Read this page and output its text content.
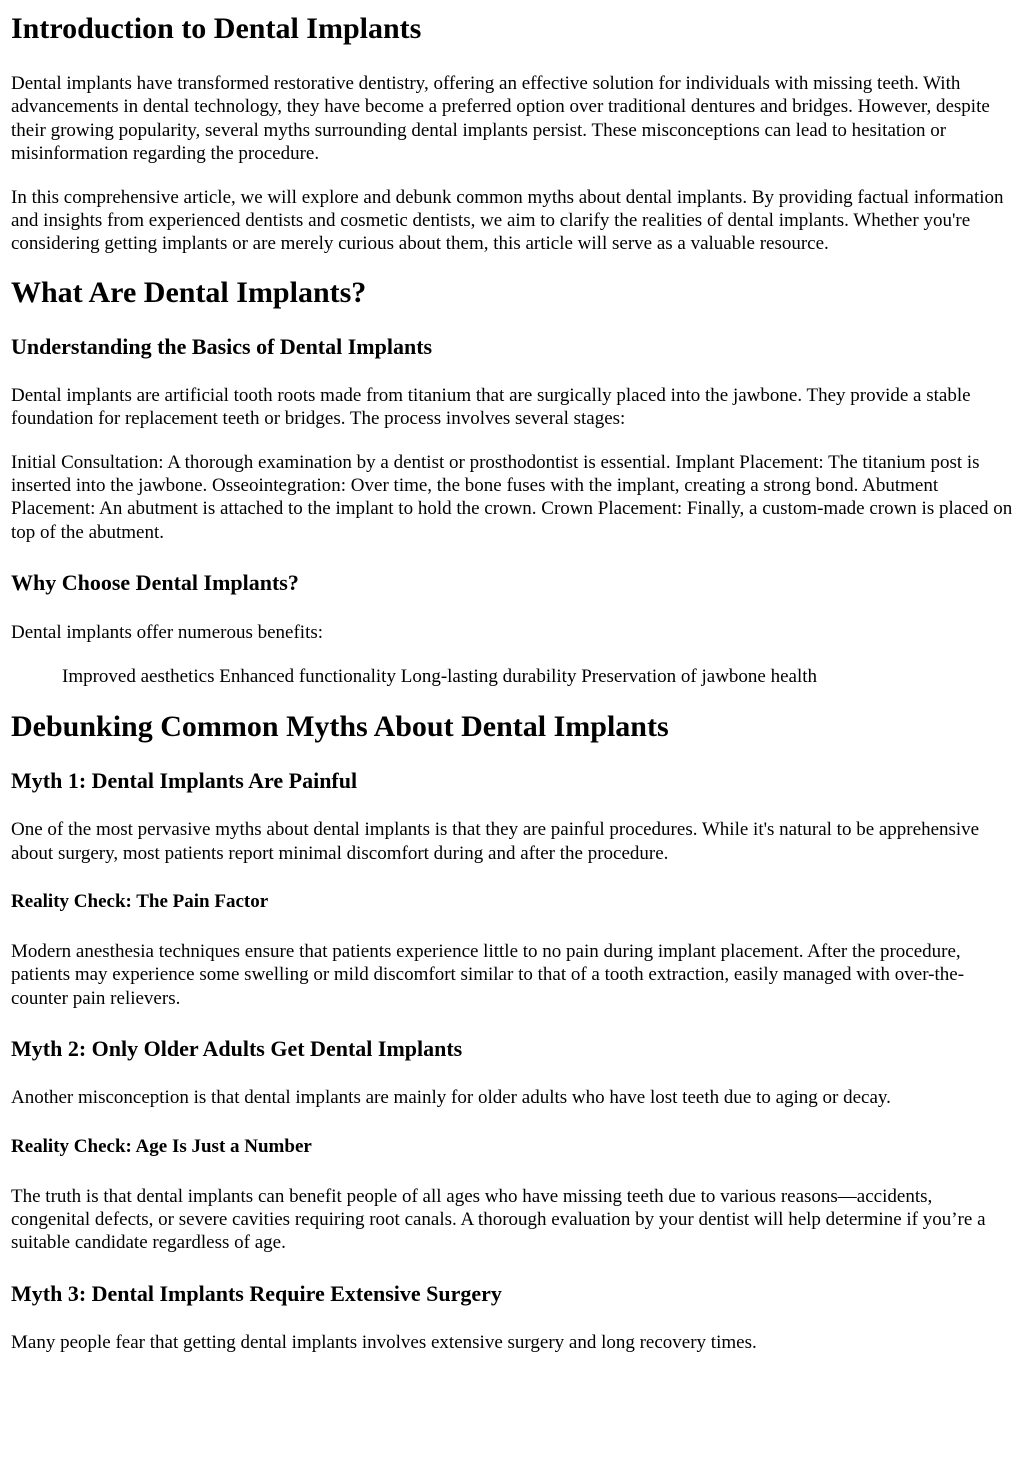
Introduction to Dental Implants

Dental implants have transformed restorative dentistry, offering an effective solution for individuals with missing teeth. With advancements in dental technology, they have become a preferred option over traditional dentures and bridges. However, despite their growing popularity, several myths surrounding dental implants persist. These misconceptions can lead to hesitation or misinformation regarding the procedure.

In this comprehensive article, we will explore and debunk common myths about dental implants. By providing factual information and insights from experienced dentists and cosmetic dentists, we aim to clarify the realities of dental implants. Whether you're considering getting implants or are merely curious about them, this article will serve as a valuable resource.

What Are Dental Implants?
Understanding the Basics of Dental Implants

Dental implants are artificial tooth roots made from titanium that are surgically placed into the jawbone. They provide a stable foundation for replacement teeth or bridges. The process involves several stages:

Initial Consultation: A thorough examination by a dentist or prosthodontist is essential. Implant Placement: The titanium post is inserted into the jawbone. Osseointegration: Over time, the bone fuses with the implant, creating a strong bond. Abutment Placement: An abutment is attached to the implant to hold the crown. Crown Placement: Finally, a custom-made crown is placed on top of the abutment.

Why Choose Dental Implants?

Dental implants offer numerous benefits:

Improved aesthetics Enhanced functionality Long-lasting durability Preservation of jawbone health

Debunking Common Myths About Dental Implants
Myth 1: Dental Implants Are Painful

One of the most pervasive myths about dental implants is that they are painful procedures. While it's natural to be apprehensive about surgery, most patients report minimal discomfort during and after the procedure.

Reality Check: The Pain Factor

Modern anesthesia techniques ensure that patients experience little to no pain during implant placement. After the procedure, patients may experience some swelling or mild discomfort similar to that of a tooth extraction, easily managed with over-the-counter pain relievers.

Myth 2: Only Older Adults Get Dental Implants

Another misconception is that dental implants are mainly for older adults who have lost teeth due to aging or decay.

Reality Check: Age Is Just a Number

The truth is that dental implants can benefit people of all ages who have missing teeth due to various reasons—accidents, congenital defects, or severe cavities requiring root canals. A thorough evaluation by your dentist will help determine if you’re a suitable candidate regardless of age.

Myth 3: Dental Implants Require Extensive Surgery

Many people fear that getting dental implants involves extensive surgery and long recovery times.
